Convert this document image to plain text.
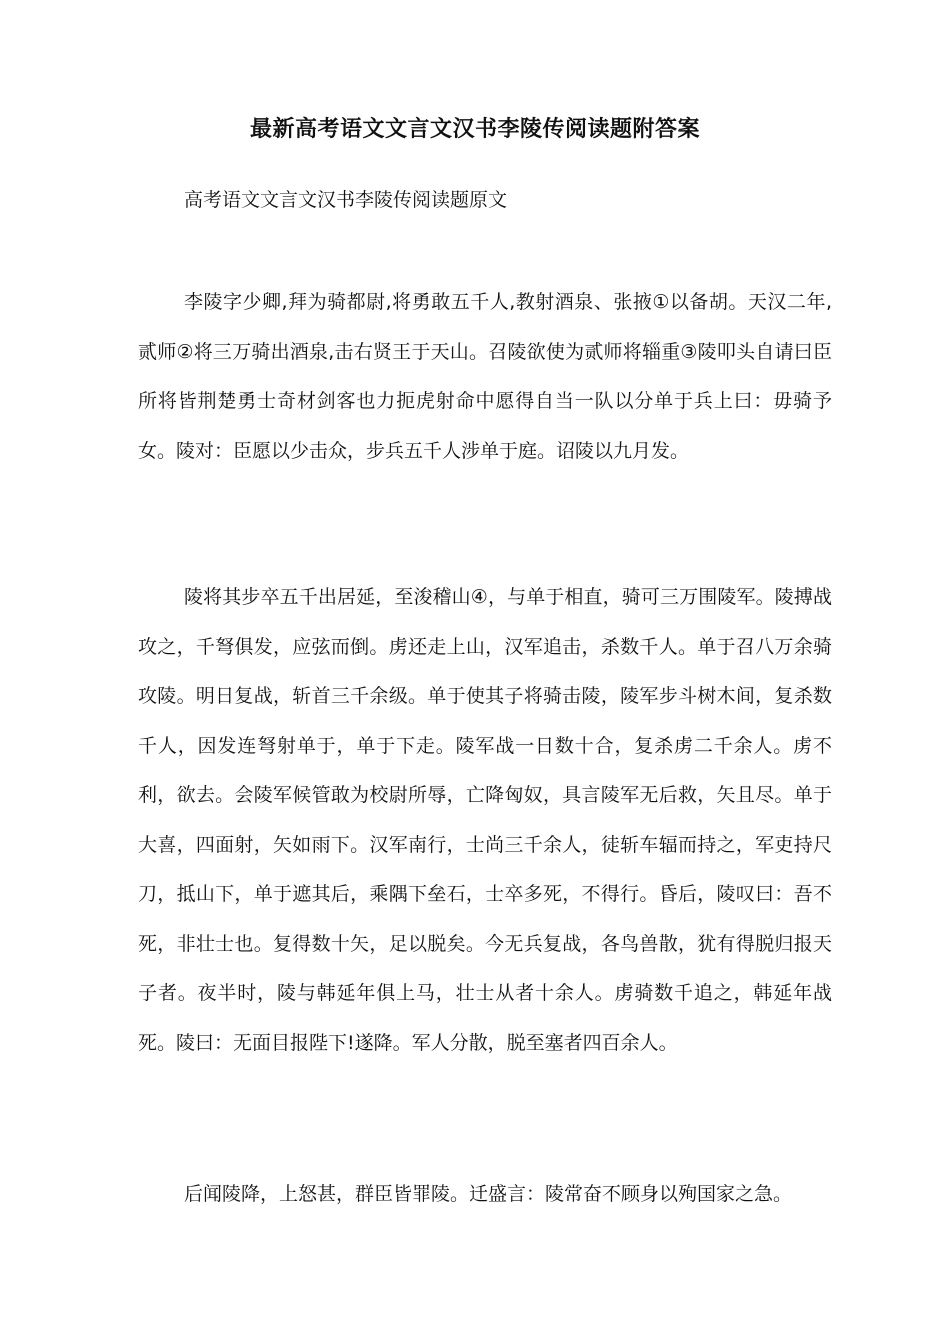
最新高考语文文言文汉书李陵传阅读题附答案
高考语文文言文汉书李陵传阅读题原文

李陵字少卿,拜为骑都尉,将勇敢五千人,教射酒泉、张掖①以备胡。天汉二年,贰师②将三万骑出酒泉,击右贤王于天山。召陵欲使为贰师将辎重③陵叩头自请曰臣所将皆荆楚勇士奇材剑客也力扼虎射命中愿得自当一队以分单于兵上曰：毋骑予女。陵对：臣愿以少击众，步兵五千人涉单于庭。诏陵以九月发。

陵将其步卒五千出居延，至浚稽山④，与单于相直，骑可三万围陵军。陵搏战攻之，千弩俱发，应弦而倒。虏还走上山，汉军追击，杀数千人。单于召八万余骑攻陵。明日复战，斩首三千余级。单于使其子将骑击陵，陵军步斗树木间，复杀数千人，因发连弩射单于，单于下走。陵军战一日数十合，复杀虏二千余人。虏不利，欲去。会陵军候管敢为校尉所辱，亡降匈奴，具言陵军无后救，矢且尽。单于大喜，四面射，矢如雨下。汉军南行，士尚三千余人，徒斩车辐而持之，军吏持尺刀，抵山下，单于遮其后，乘隅下垒石，士卒多死，不得行。昏后，陵叹曰：吾不死，非壮士也。复得数十矢，足以脱矣。今无兵复战，各鸟兽散，犹有得脱归报天子者。夜半时，陵与韩延年俱上马，壮士从者十余人。虏骑数千追之，韩延年战死。陵曰：无面目报陛下!遂降。军人分散，脱至塞者四百余人。

后闻陵降，上怒甚，群臣皆罪陵。迁盛言：陵常奋不顾身以殉国家之急。
